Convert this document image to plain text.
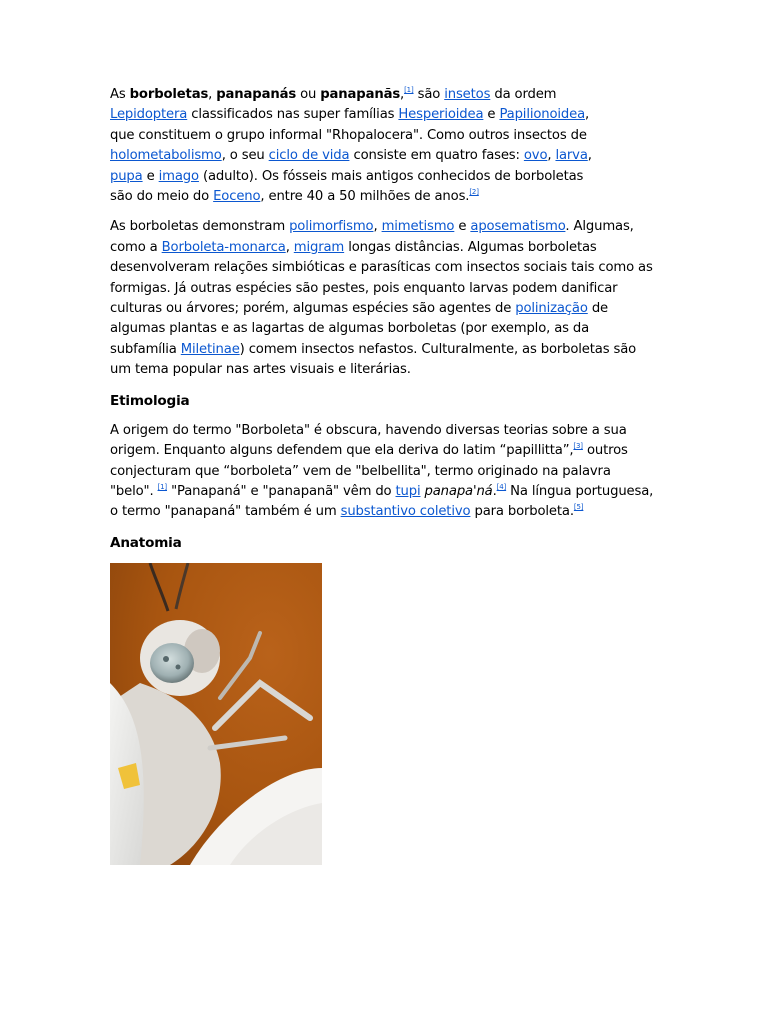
As borboletas, panapanás ou panapanãs,[1] são insetos da ordem Lepidoptera classificados nas super famílias Hesperioidea e Papilionoidea, que constituem o grupo informal "Rhopalocera". Como outros insectos de holometabolismo, o seu ciclo de vida consiste em quatro fases: ovo, larva, pupa e imago (adulto). Os fósseis mais antigos conhecidos de borboletas são do meio do Eoceno, entre 40 a 50 milhões de anos.[2]

As borboletas demonstram polimorfismo, mimetismo e aposematismo. Algumas, como a Borboleta-monarca, migram longas distâncias. Algumas borboletas desenvolveram relações simbióticas e parasíticas com insectos sociais tais como as formigas. Já outras espécies são pestes, pois enquanto larvas podem danificar culturas ou árvores; porém, algumas espécies são agentes de polinização de algumas plantas e as lagartas de algumas borboletas (por exemplo, as da subfamília Miletinae) comem insectos nefastos. Culturalmente, as borboletas são um tema popular nas artes visuais e literárias.

Etimologia

A origem do termo "Borboleta" é obscura, havendo diversas teorias sobre a sua origem. Enquanto alguns defendem que ela deriva do latim “papillitta”,[3] outros conjecturam que “borboleta” vem de "belbellita", termo originado na palavra "belo". [1] "Panapaná" e "panapanã" vêm do tupi panapa'ná.[4] Na língua portuguesa, o termo "panapaná" também é um substantivo coletivo para borboleta.[5]

Anatomia
